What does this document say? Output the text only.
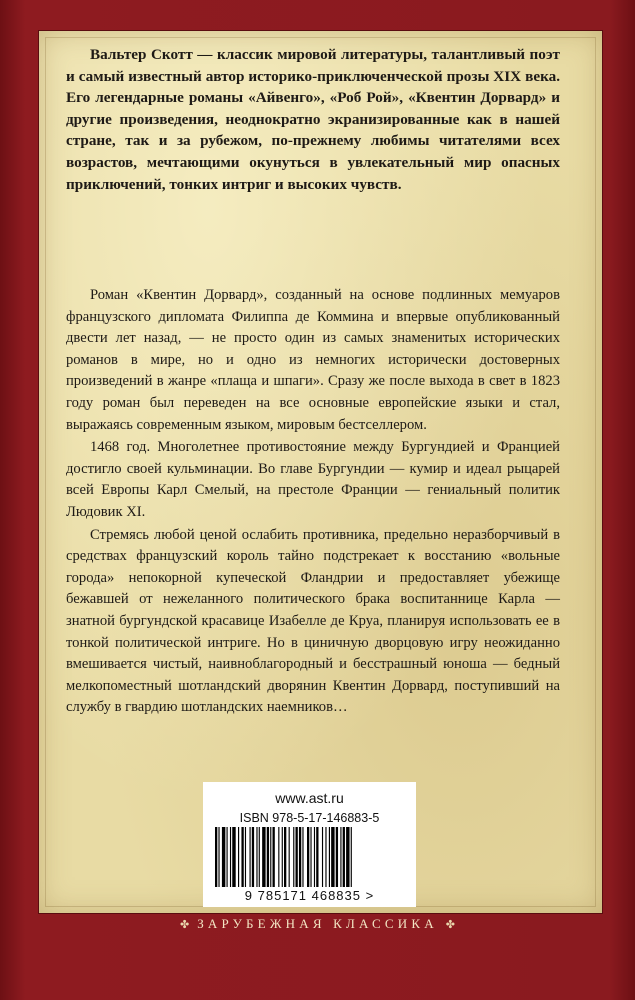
Вальтер Скотт — классик мировой литературы, талантливый поэт и самый известный автор историко-приключенческой прозы XIX века. Его легендарные романы «Айвенго», «Роб Рой», «Квентин Дорвард» и другие произведения, неоднократно экранизированные как в нашей стране, так и за рубежом, по-прежнему любимы читателями всех возрастов, мечтающими окунуться в увлекательный мир опасных приключений, тонких интриг и высоких чувств.

Роман «Квентин Дорвард», созданный на основе подлинных мемуаров французского дипломата Филиппа де Коммина и впервые опубликованный двести лет назад, — не просто один из самых знаменитых исторических романов в мире, но и одно из немногих исторически достоверных произведений в жанре «плаща и шпаги». Сразу же после выхода в свет в 1823 году роман был переведен на все основные европейские языки и стал, выражаясь современным языком, мировым бестселлером.

1468 год. Многолетнее противостояние между Бургундией и Францией достигло своей кульминации. Во главе Бургундии — кумир и идеал рыцарей всей Европы Карл Смелый, на престоле Франции — гениальный политик Людовик XI.

Стремясь любой ценой ослабить противника, предельно неразборчивый в средствах французский король тайно подстрекает к восстанию «вольные города» непокорной купеческой Фландрии и предоставляет убежище бежавшей от нежеланного политического брака воспитаннице Карла — знатной бургундской красавице Изабелле де Круа, планируя использовать ее в тонкой политической интриге. Но в циничную дворцовую игру неожиданно вмешивается чистый, наивноблагородный и бесстрашный юноша — бедный мелкопоместный шотландский дворянин Квентин Дорвард, поступивший на службу в гвардию шотландских наемников…

www.ast.ru
ISBN 978-5-17-146883-5
9 785171 468835 >
✤ ЗАРУБЕЖНАЯ КЛАССИКА ✤
